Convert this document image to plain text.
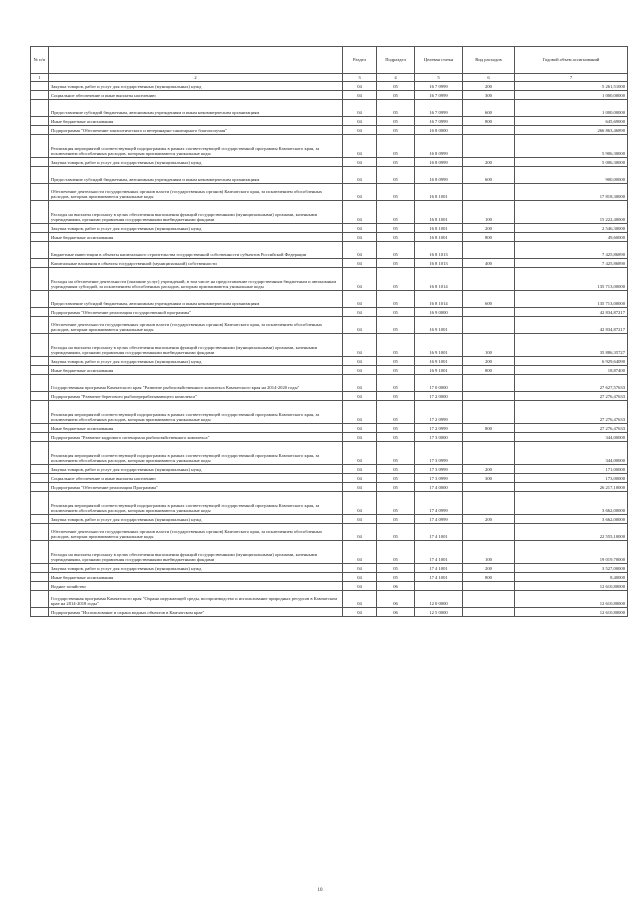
№ п/п		Раздел	Подраздел	Целевая статья	Вид расходов	Годовой объем ассигнований
1	2	3	4	5	6	7
	Закупка товаров, работ и услуг для государственных (муниципальных) нужд	04	05	16 7 0999	200	5 261,51000
	Социальное обеспечение и иные выплаты населению	04	05	16 7 0999	300	1 000,00000
	Предоставление субсидий бюджетным, автономным учреждениям и иным некоммерческим организациям	04	05	16 7 0999	600	1 000,00000
	Иные бюджетные ассигнования	04	05	16 7 0999	800	645,69000
	Подпрограмма "Обеспечение эпизоотического и ветеринарно-санитарного благополучия"	04	05	16 8 0000		266 863,46890
	Реализация мероприятий соответствующей подпрограммы в рамках соответствующей государственной программы Камчатского края, за исключением обособленных расходов, которым присваиваются уникальные коды	04	05	16 8 0999		5 906,30000
	Закупка товаров, работ и услуг для государственных (муниципальных) нужд	04	05	16 8 0999	200	5 006,30000
	Предоставление субсидий бюджетным, автономным учреждениям и иным некоммерческим организациям	04	05	16 8 0999	600	900,00000
	Обеспечение деятельности государственных органов власти (государственных органов) Камчатского края, за исключением обособленных расходов, которым присваиваются уникальные коды	04	05	16 8 1001		17 818,30000
	Расходы на выплаты персоналу в целях обеспечения выполнения функций государственными (муниципальными) органами, казенными учреждениями, органами управления государственными внебюджетными фондами	04	05	16 8 1001	100	15 222,40000
	Закупка товаров, работ и услуг для государственных (муниципальных) нужд	04	05	16 8 1001	200	2 546,30000
	Иные бюджетные ассигнования	04	05	16 8 1001	800	49,60000
	Бюджетные инвестиции в объекты капитального строительства государственной собственности субъектов Российской Федерации	04	05	16 8 1013		7 425,86890
	Капитальные вложения в объекты государственной (муниципальной) собственности	04	05	16 8 1013	400	7 425,86890
	Расходы на обеспечение деятельности (оказание услуг) учреждений, в том числе на предоставление государственным бюджетным и автономным учреждениям субсидий, за исключением обособленных расходов, которым присваиваются уникальные коды	04	05	16 8 1014		135 713,00000
	Предоставление субсидий бюджетным, автономным учреждениям и иным некоммерческим организациям	04	05	16 8 1014	600	135 713,00000
	Подпрограмма "Обеспечение реализации государственной программы"	04	05	16 9 0000		42 834,87217
	Обеспечение деятельности государственных органов власти (государственных органов) Камчатского края, за исключением обособленных расходов, которым присваиваются уникальные коды	04	05	16 9 1001		42 834,87217
	Расходы на выплаты персоналу в целях обеспечения выполнения функций государственными (муниципальными) органами, казенными учреждениями, органами управления государственными внебюджетными фондами	04	05	16 9 1001	100	35 886,35727
	Закупка товаров, работ и услуг для государственных (муниципальных) нужд	04	05	16 9 1001	200	6 929,64090
	Иные бюджетные ассигнования	04	05	16 9 1001	800	18,87400
	Государственная программа Камчатского края "Развитие рыбохозяйственного комплекса Камчатского края на 2014-2020 годы"	04	05	17 0 0000		27 627,57633
	Подпрограмма "Развитие берегового рыбоперерабатывающего комплекса"	04	05	17 2 0000		27 276,47633
	Реализация мероприятий соответствующей подпрограммы в рамках соответствующей государственной программы Камчатского края, за исключением обособленных расходов, которым присваиваются уникальные коды	04	05	17 2 0999		27 276,47633
	Иные бюджетные ассигнования	04	05	17 2 0999	800	27 276,47633
	Подпрограмма "Развитие кадрового потенциала рыбохозяйственного комплекса"	04	05	17 3 0000		344,00000
	Реализация мероприятий соответствующей подпрограммы в рамках соответствующей государственной программы Камчатского края, за исключением обособленных расходов, которым присваиваются уникальные коды	04	05	17 3 0999		344,00000
	Закупка товаров, работ и услуг для государственных (муниципальных) нужд	04	05	17 3 0999	200	171,00000
	Социальное обеспечение и иные выплаты населению	04	05	17 3 0999	300	173,00000
	Подпрограмма "Обеспечение реализации Программы"	04	05	17 4 0000		26 217,10000
	Реализация мероприятий соответствующей подпрограммы в рамках соответствующей государственной программы Камчатского края, за исключением обособленных расходов, которым присваиваются уникальные коды	04	05	17 4 0999		3 662,00000
	Закупка товаров, работ и услуг для государственных (муниципальных) нужд	04	05	17 4 0999	200	3 662,00000
	Обеспечение деятельности государственных органов власти (государственных органов) Камчатского края, за исключением обособленных расходов, которым присваиваются уникальные коды	04	05	17 4 1001		22 555,10000
	Расходы на выплаты персоналу в целях обеспечения выполнения функций государственными (муниципальными) органами, казенными учреждениями, органами управления государственными внебюджетными фондами	04	05	17 4 1001	100	19 019,70000
	Закупка товаров, работ и услуг для государственных (муниципальных) нужд	04	05	17 4 1001	200	3 527,00000
	Иные бюджетные ассигнования	04	05	17 4 1001	800	8,40000
	Водное хозяйство	04	06			12 610,80000
	Государственная программа Камчатского края "Охрана окружающей среды, воспроизводство и использование природных ресурсов в Камчатском крае на 2014-2018 годы"	04	06	12 0 0000		12 610,80000
	Подпрограмма "Использование и охрана водных объектов в Камчатском крае"	04	06	12 5 0000		12 610,80000
10
